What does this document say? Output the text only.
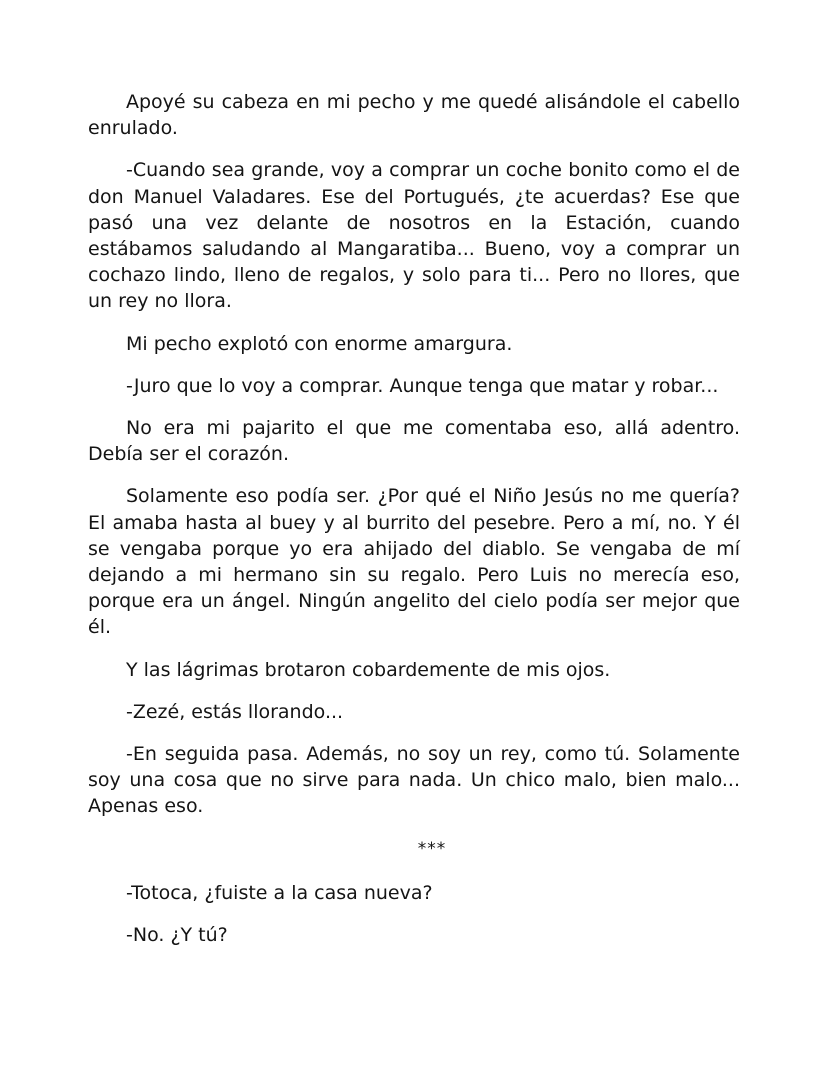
Apoyé su cabeza en mi pecho y me quedé alisándole el cabello enrulado.

-Cuando sea grande, voy a comprar un coche bonito como el de don Manuel Valadares. Ese del Portugués, ¿te acuerdas? Ese que pasó una vez delante de nosotros en la Estación, cuando estábamos saludando al Mangaratiba... Bueno, voy a comprar un cochazo lindo, lleno de regalos, y solo para ti... Pero no llores, que un rey no llora.

Mi pecho explotó con enorme amargura.

-Juro que lo voy a comprar. Aunque tenga que matar y robar...

No era mi pajarito el que me comentaba eso, allá adentro. Debía ser el corazón.

Solamente eso podía ser. ¿Por qué el Niño Jesús no me quería? El amaba hasta al buey y al burrito del pesebre. Pero a mí, no. Y él se vengaba porque yo era ahijado del diablo. Se vengaba de mí dejando a mi hermano sin su regalo. Pero Luis no merecía eso, porque era un ángel. Ningún angelito del cielo podía ser mejor que él.

Y las lágrimas brotaron cobardemente de mis ojos.

-Zezé, estás llorando...

-En seguida pasa. Además, no soy un rey, como tú. Solamente soy una cosa que no sirve para nada. Un chico malo, bien malo... Apenas eso.

***

-Totoca, ¿fuiste a la casa nueva?

-No. ¿Y tú?
